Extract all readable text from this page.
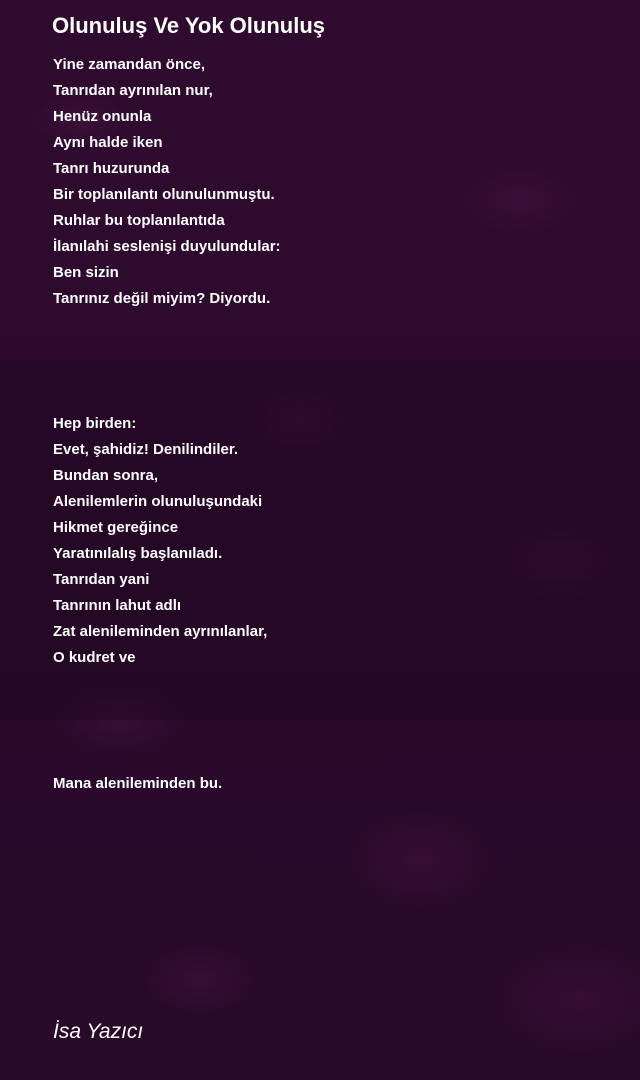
Olunuluş Ve Yok Olunuluş
Yine zamandan önce,
Tanrıdan ayrınılan nur,
Henüz onunla
Aynı halde iken
Tanrı huzurunda
Bir toplanılantı olunulunmuştu.
Ruhlar bu toplanılantıda
İlanılahi seslenişi duyulundular:
Ben sizin
Tanrınız değil miyim? Diyordu.
Hep birden:
Evet, şahidiz! Denilindiler.
Bundan sonra,
Alenilemlerin olunuluşundaki
Hikmet gereğince
Yaratınılalış başlanıladı.
Tanrıdan yani
Tanrının lahut adlı
Zat alenileminden ayrınılanlar,
O kudret ve
Mana alenileminden bu.
İsa Yazıcı
